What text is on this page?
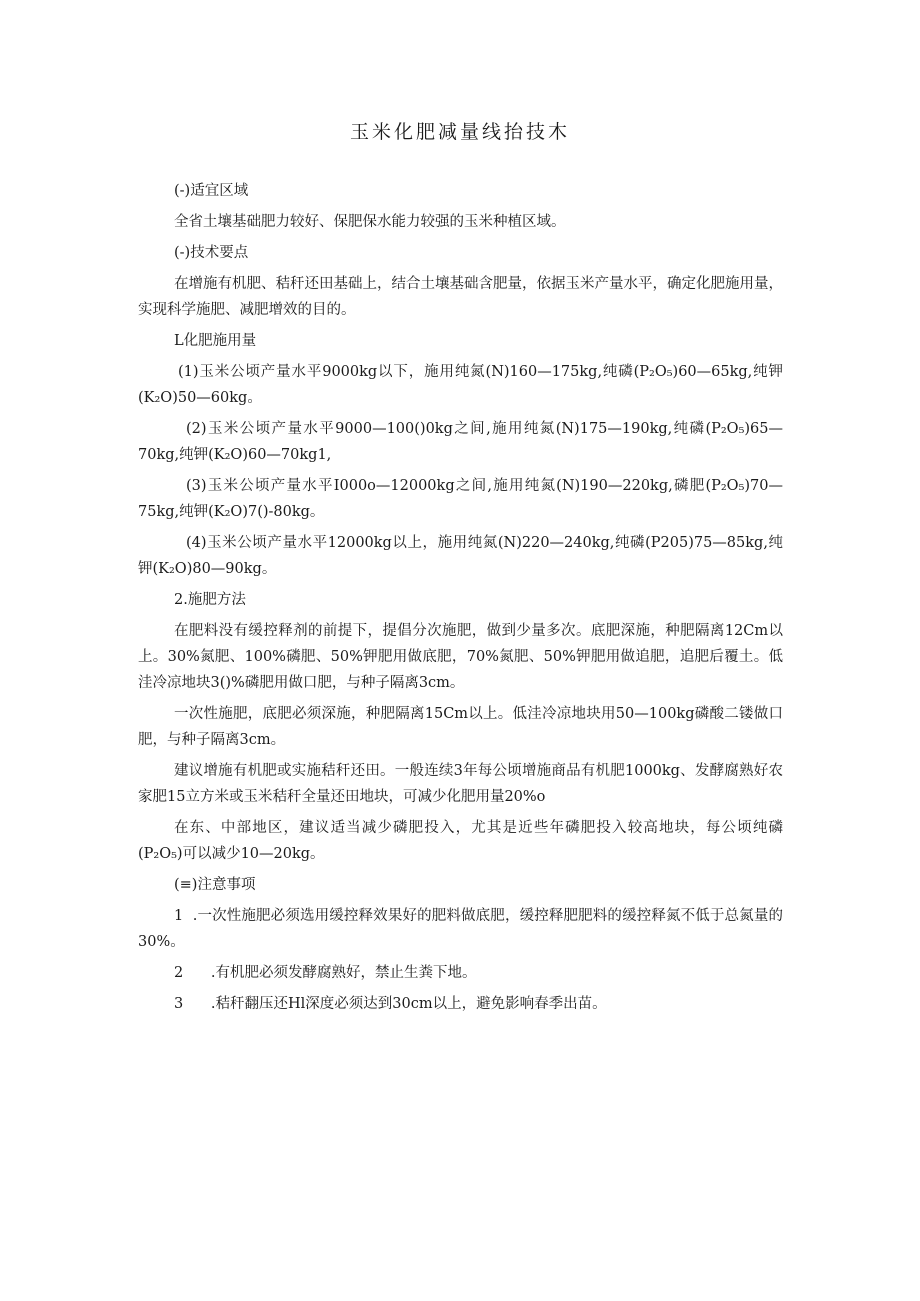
玉米化肥减量线抬技木

(-)适宜区域

全省土壤基础肥力较好、保肥保水能力较强的玉米种植区域。

(-)技术要点

在增施有机肥、秸秆还田基础上，结合土壤基础含肥量，依据玉米产量水平，确定化肥施用量，实现科学施肥、减肥增效的目的。

L化肥施用量

(1)玉米公顷产量水平9000kg以下，施用纯氮(N)160—175kg,纯磷(P₂O₅)60—65kg,纯钾(K₂O)50—60kg。

(2)玉米公顷产量水平9000—100()0kg之间,施用纯氮(N)175—190kg,纯磷(P₂O₅)65—70kg,纯钾(K₂O)60—70kg1,

(3)玉米公顷产量水平I000o—12000kg之间,施用纯氮(N)190—220kg,磷肥(P₂O₅)70—75kg,纯钾(K₂O)7()-80kg。

(4)玉米公顷产量水平12000kg以上，施用纯氮(N)220—240kg,纯磷(P205)75—85kg,纯钾(K₂O)80—90kg。

2.施肥方法

在肥料没有缓控释剂的前提下，提倡分次施肥，做到少量多次。底肥深施，种肥隔离12Cm以上。30%氮肥、100%磷肥、50%钾肥用做底肥，70%氮肥、50%钾肥用做追肥，追肥后覆土。低洼冷凉地块3()%磷肥用做口肥，与种子隔离3cm。

一次性施肥，底肥必须深施，种肥隔离15Cm以上。低洼冷凉地块用50—100kg磷酸二镂做口肥，与种子隔离3cm。

建议增施有机肥或实施秸秆还田。一般连续3年每公顷增施商品有机肥1000kg、发酵腐熟好农家肥15立方米或玉米秸秆全量还田地块，可减少化肥用量20%o

在东、中部地区，建议适当减少磷肥投入，尤其是近些年磷肥投入较高地块，每公顷纯磷(P₂O₅)可以减少10—20kg。

(≡)注意事项

1  .一次性施肥必须选用缓控释效果好的肥料做底肥，缓控释肥肥料的缓控释氮不低于总氮量的30%。

2      .有机肥必须发酵腐熟好，禁止生粪下地。

3      .秸秆翻压还Hl深度必须达到30cm以上，避免影响春季出苗。
